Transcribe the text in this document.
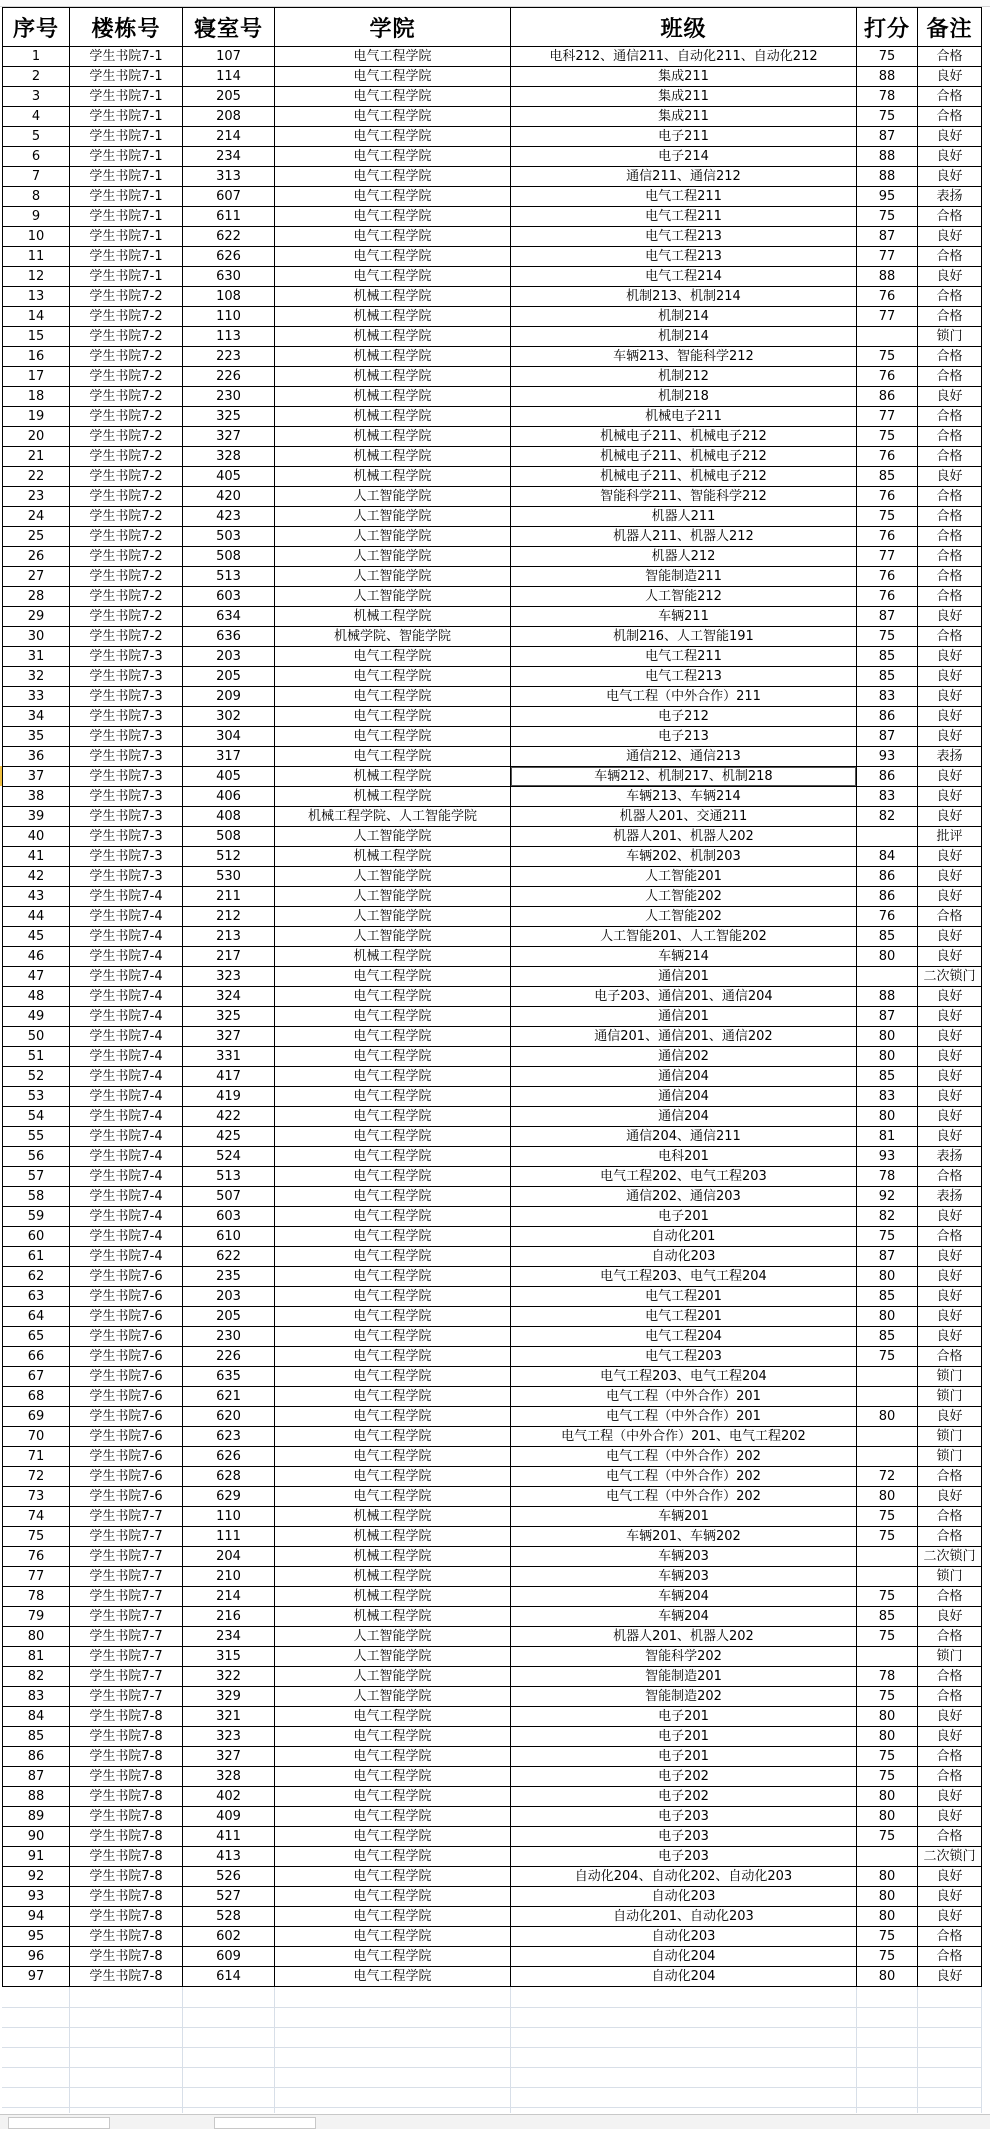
序号	楼栋号	寝室号	学院	班级	打分	备注
1	学生书院7-1	107	电气工程学院	电科212、通信211、自动化211、自动化212	75	合格
2	学生书院7-1	114	电气工程学院	集成211	88	良好
3	学生书院7-1	205	电气工程学院	集成211	78	合格
4	学生书院7-1	208	电气工程学院	集成211	75	合格
5	学生书院7-1	214	电气工程学院	电子211	87	良好
6	学生书院7-1	234	电气工程学院	电子214	88	良好
7	学生书院7-1	313	电气工程学院	通信211、通信212	88	良好
8	学生书院7-1	607	电气工程学院	电气工程211	95	表扬
9	学生书院7-1	611	电气工程学院	电气工程211	75	合格
10	学生书院7-1	622	电气工程学院	电气工程213	87	良好
11	学生书院7-1	626	电气工程学院	电气工程213	77	合格
12	学生书院7-1	630	电气工程学院	电气工程214	88	良好
13	学生书院7-2	108	机械工程学院	机制213、机制214	76	合格
14	学生书院7-2	110	机械工程学院	机制214	77	合格
15	学生书院7-2	113	机械工程学院	机制214		锁门
16	学生书院7-2	223	机械工程学院	车辆213、智能科学212	75	合格
17	学生书院7-2	226	机械工程学院	机制212	76	合格
18	学生书院7-2	230	机械工程学院	机制218	86	良好
19	学生书院7-2	325	机械工程学院	机械电子211	77	合格
20	学生书院7-2	327	机械工程学院	机械电子211、机械电子212	75	合格
21	学生书院7-2	328	机械工程学院	机械电子211、机械电子212	76	合格
22	学生书院7-2	405	机械工程学院	机械电子211、机械电子212	85	良好
23	学生书院7-2	420	人工智能学院	智能科学211、智能科学212	76	合格
24	学生书院7-2	423	人工智能学院	机器人211	75	合格
25	学生书院7-2	503	人工智能学院	机器人211、机器人212	76	合格
26	学生书院7-2	508	人工智能学院	机器人212	77	合格
27	学生书院7-2	513	人工智能学院	智能制造211	76	合格
28	学生书院7-2	603	人工智能学院	人工智能212	76	合格
29	学生书院7-2	634	机械工程学院	车辆211	87	良好
30	学生书院7-2	636	机械学院、智能学院	机制216、人工智能191	75	合格
31	学生书院7-3	203	电气工程学院	电气工程211	85	良好
32	学生书院7-3	205	电气工程学院	电气工程213	85	良好
33	学生书院7-3	209	电气工程学院	电气工程（中外合作）211	83	良好
34	学生书院7-3	302	电气工程学院	电子212	86	良好
35	学生书院7-3	304	电气工程学院	电子213	87	良好
36	学生书院7-3	317	电气工程学院	通信212、通信213	93	表扬
37	学生书院7-3	405	机械工程学院	车辆212、机制217、机制218	86	良好
38	学生书院7-3	406	机械工程学院	车辆213、车辆214	83	良好
39	学生书院7-3	408	机械工程学院、人工智能学院	机器人201、交通211	82	良好
40	学生书院7-3	508	人工智能学院	机器人201、机器人202		批评
41	学生书院7-3	512	机械工程学院	车辆202、机制203	84	良好
42	学生书院7-3	530	人工智能学院	人工智能201	86	良好
43	学生书院7-4	211	人工智能学院	人工智能202	86	良好
44	学生书院7-4	212	人工智能学院	人工智能202	76	合格
45	学生书院7-4	213	人工智能学院	人工智能201、人工智能202	85	良好
46	学生书院7-4	217	机械工程学院	车辆214	80	良好
47	学生书院7-4	323	电气工程学院	通信201		二次锁门
48	学生书院7-4	324	电气工程学院	电子203、通信201、通信204	88	良好
49	学生书院7-4	325	电气工程学院	通信201	87	良好
50	学生书院7-4	327	电气工程学院	通信201、通信201、通信202	80	良好
51	学生书院7-4	331	电气工程学院	通信202	80	良好
52	学生书院7-4	417	电气工程学院	通信204	85	良好
53	学生书院7-4	419	电气工程学院	通信204	83	良好
54	学生书院7-4	422	电气工程学院	通信204	80	良好
55	学生书院7-4	425	电气工程学院	通信204、通信211	81	良好
56	学生书院7-4	524	电气工程学院	电科201	93	表扬
57	学生书院7-4	513	电气工程学院	电气工程202、电气工程203	78	合格
58	学生书院7-4	507	电气工程学院	通信202、通信203	92	表扬
59	学生书院7-4	603	电气工程学院	电子201	82	良好
60	学生书院7-4	610	电气工程学院	自动化201	75	合格
61	学生书院7-4	622	电气工程学院	自动化203	87	良好
62	学生书院7-6	235	电气工程学院	电气工程203、电气工程204	80	良好
63	学生书院7-6	203	电气工程学院	电气工程201	85	良好
64	学生书院7-6	205	电气工程学院	电气工程201	80	良好
65	学生书院7-6	230	电气工程学院	电气工程204	85	良好
66	学生书院7-6	226	电气工程学院	电气工程203	75	合格
67	学生书院7-6	635	电气工程学院	电气工程203、电气工程204		锁门
68	学生书院7-6	621	电气工程学院	电气工程（中外合作）201		锁门
69	学生书院7-6	620	电气工程学院	电气工程（中外合作）201	80	良好
70	学生书院7-6	623	电气工程学院	电气工程（中外合作）201、电气工程202		锁门
71	学生书院7-6	626	电气工程学院	电气工程（中外合作）202		锁门
72	学生书院7-6	628	电气工程学院	电气工程（中外合作）202	72	合格
73	学生书院7-6	629	电气工程学院	电气工程（中外合作）202	80	良好
74	学生书院7-7	110	机械工程学院	车辆201	75	合格
75	学生书院7-7	111	机械工程学院	车辆201、车辆202	75	合格
76	学生书院7-7	204	机械工程学院	车辆203		二次锁门
77	学生书院7-7	210	机械工程学院	车辆203		锁门
78	学生书院7-7	214	机械工程学院	车辆204	75	合格
79	学生书院7-7	216	机械工程学院	车辆204	85	良好
80	学生书院7-7	234	人工智能学院	机器人201、机器人202	75	合格
81	学生书院7-7	315	人工智能学院	智能科学202		锁门
82	学生书院7-7	322	人工智能学院	智能制造201	78	合格
83	学生书院7-7	329	人工智能学院	智能制造202	75	合格
84	学生书院7-8	321	电气工程学院	电子201	80	良好
85	学生书院7-8	323	电气工程学院	电子201	80	良好
86	学生书院7-8	327	电气工程学院	电子201	75	合格
87	学生书院7-8	328	电气工程学院	电子202	75	合格
88	学生书院7-8	402	电气工程学院	电子202	80	良好
89	学生书院7-8	409	电气工程学院	电子203	80	良好
90	学生书院7-8	411	电气工程学院	电子203	75	合格
91	学生书院7-8	413	电气工程学院	电子203		二次锁门
92	学生书院7-8	526	电气工程学院	自动化204、自动化202、自动化203	80	良好
93	学生书院7-8	527	电气工程学院	自动化203	80	良好
94	学生书院7-8	528	电气工程学院	自动化201、自动化203	80	良好
95	学生书院7-8	602	电气工程学院	自动化203	75	合格
96	学生书院7-8	609	电气工程学院	自动化204	75	合格
97	学生书院7-8	614	电气工程学院	自动化204	80	良好
